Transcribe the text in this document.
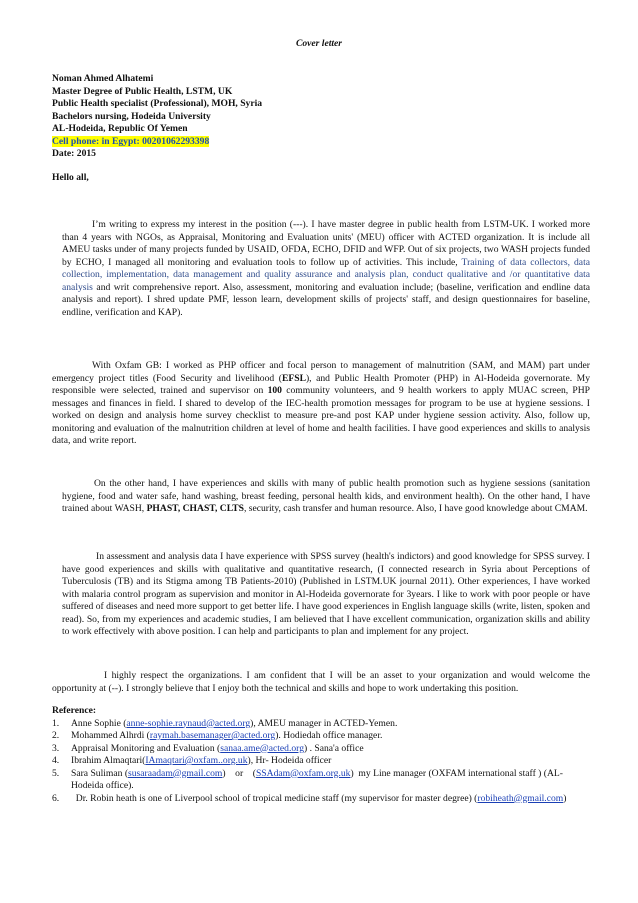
Cover letter
Noman Ahmed Alhatemi
Master Degree of Public Health, LSTM, UK
Public Health specialist (Professional), MOH, Syria
Bachelors nursing, Hodeida University
AL-Hodeida, Republic Of Yemen
Cell phone: in Egypt: 0020106229339​8
Date: 2015
Hello all,
I’m writing to express my interest in the position (---). I have master degree in public health from LSTM-UK. I worked more than 4 years with NGOs, as Appraisal, Monitoring and Evaluation units' (MEU) officer with ACTED organization. It is include all AMEU tasks under of many projects funded by USAID, OFDA, ECHO, DFID and WFP. Out of six projects, two WASH projects funded by ECHO, I managed all monitoring and evaluation tools to follow up of activities. This include, Training of data collectors, data collection, implementation, data management and quality assurance and analysis plan, conduct qualitative and /or quantitative data analysis and writ comprehensive report. Also, assessment, monitoring and evaluation include; (baseline, verification and endline data analysis and report). I shred update PMF, lesson learn, development skills of projects' staff, and design questionnaires for baseline, endline, verification and KAP).
With Oxfam GB: I worked as PHP officer and focal person to management of malnutrition (SAM, and MAM) part under emergency project titles (Food Security and livelihood (EFSL), and Public Health Promoter (PHP) in Al-Hodeida governorate. My responsible were selected, trained and supervisor on 100 community volunteers, and 9 health workers to apply MUAC screen, PHP messages and finances in field. I shared to develop of the IEC-health promotion messages for program to be use at hygiene sessions. I worked on design and analysis home survey checklist to measure pre-and post KAP under hygiene session activity. Also, follow up, monitoring and evaluation of the malnutrition children at level of home and health facilities. I have good experiences and skills to analysis data, and write report.
On the other hand, I have experiences and skills with many of public health promotion such as hygiene sessions (sanitation hygiene, food and water safe, hand washing, breast feeding, personal health kids, and environment health). On the other hand, I have trained about WASH, PHAST, CHAST, CLTS, security, cash transfer and human resource. Also, I have good knowledge about CMAM.
In assessment and analysis data I have experience with SPSS survey (health's indictors) and good knowledge for SPSS survey. I have good experiences and skills with qualitative and quantitative research, (I connected research in Syria about Perceptions of Tuberculosis (TB) and its Stigma among TB Patients-2010) (Published in LSTM.UK journal 2011). Other experiences, I have worked with malaria control program as supervision and monitor in Al-Hodeida governorate for 3years. I like to work with poor people or have suffered of diseases and need more support to get better life. I have good experiences in English language skills (write, listen, spoken and read). So, from my experiences and academic studies, I am believed that I have excellent communication, organization skills and ability to work effectively with above position. I can help and participants to plan and implement for any project.
I highly respect the organizations. I am confident that I will be an asset to your organization and would welcome the opportunity at (--). I strongly believe that I enjoy both the technical and skills and hope to work undertaking this position.
Reference:
1.	Anne Sophie (anne-sophie.raynaud@acted.org), AMEU manager in ACTED-Yemen.
2.	Mohammed Alhrdi (raymah.basemanager@acted.org). Hodiedah office manager.
3.	Appraisal Monitoring and Evaluation (sanaa.ame@acted.org) . Sana'a office
4.	Ibrahim Almaqtari(IAmaqtari@oxfam..org.uk), Hr- Hodeida officer
5.	Sara Suliman (susaraadam@gmail.com)    or    (SSAdam@oxfam.org.uk)  my Line manager (OXFAM international staff ) (AL-Hodeida office).
6.	Dr. Robin heath is one of Liverpool school of tropical medicine staff (my supervisor for master degree) (robiheath@gmail.com)
